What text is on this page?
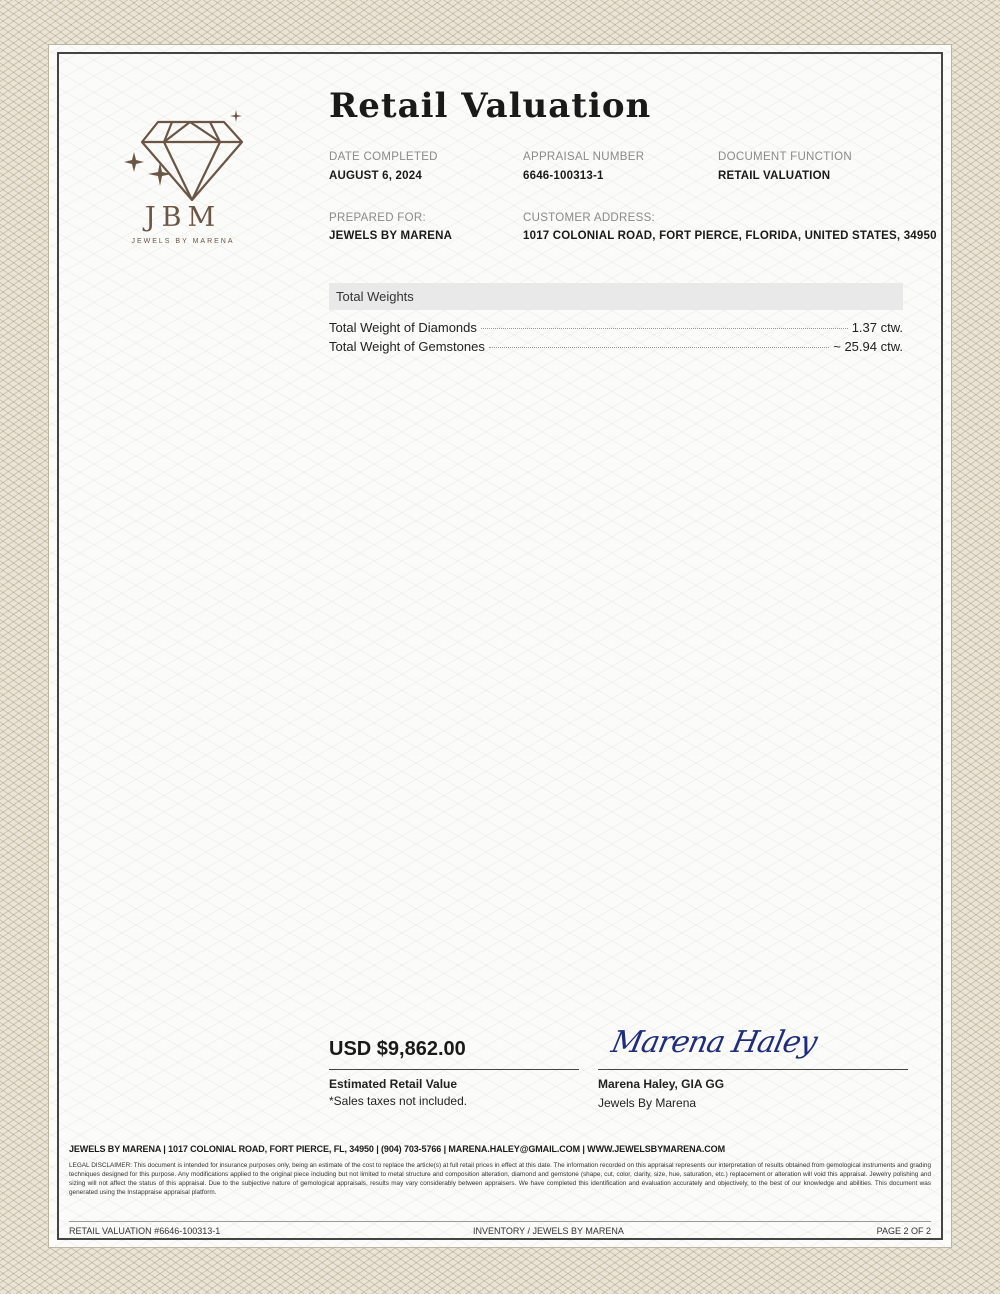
JBM
JEWELS BY MARENA
Retail Valuation
DATE COMPLETED
AUGUST 6, 2024
APPRAISAL NUMBER
6646-100313-1
DOCUMENT FUNCTION
RETAIL VALUATION
PREPARED FOR:
JEWELS BY MARENA
CUSTOMER ADDRESS:
1017 COLONIAL ROAD, FORT PIERCE, FLORIDA, UNITED STATES, 34950
Total Weights
Total Weight of Diamonds	1.37 ctw.
Total Weight of Gemstones	~ 25.94 ctw.
USD $9,862.00
Estimated Retail Value
*Sales taxes not included.
Marena Haley
Marena Haley, GIA GG
Jewels By Marena
JEWELS BY MARENA | 1017 COLONIAL ROAD, FORT PIERCE, FL, 34950 | (904) 703-5766 | MARENA.HALEY@GMAIL.COM | WWW.JEWELSBYMARENA.COM
LEGAL DISCLAIMER: This document is intended for insurance purposes only, being an estimate of the cost to replace the article(s) at full retail prices in effect at this date. The information recorded on this appraisal represents our interpretation of results obtained from gemological instruments and grading techniques designed for this purpose. Any modifications applied to the original piece including but not limited to metal structure and composition alteration, diamond and gemstone (shape, cut, color, clarity, size, hue, saturation, etc.) replacement or alteration will void this appraisal. Jewelry polishing and sizing will not affect the status of this appraisal. Due to the subjective nature of gemological appraisals, results may vary considerably between appraisers. We have completed this identification and evaluation accurately and objectively, to the best of our knowledge and abilities. This document was generated using the Instappraise appraisal platform.
RETAIL VALUATION #6646-100313-1	INVENTORY / JEWELS BY MARENA	PAGE 2 OF 2
